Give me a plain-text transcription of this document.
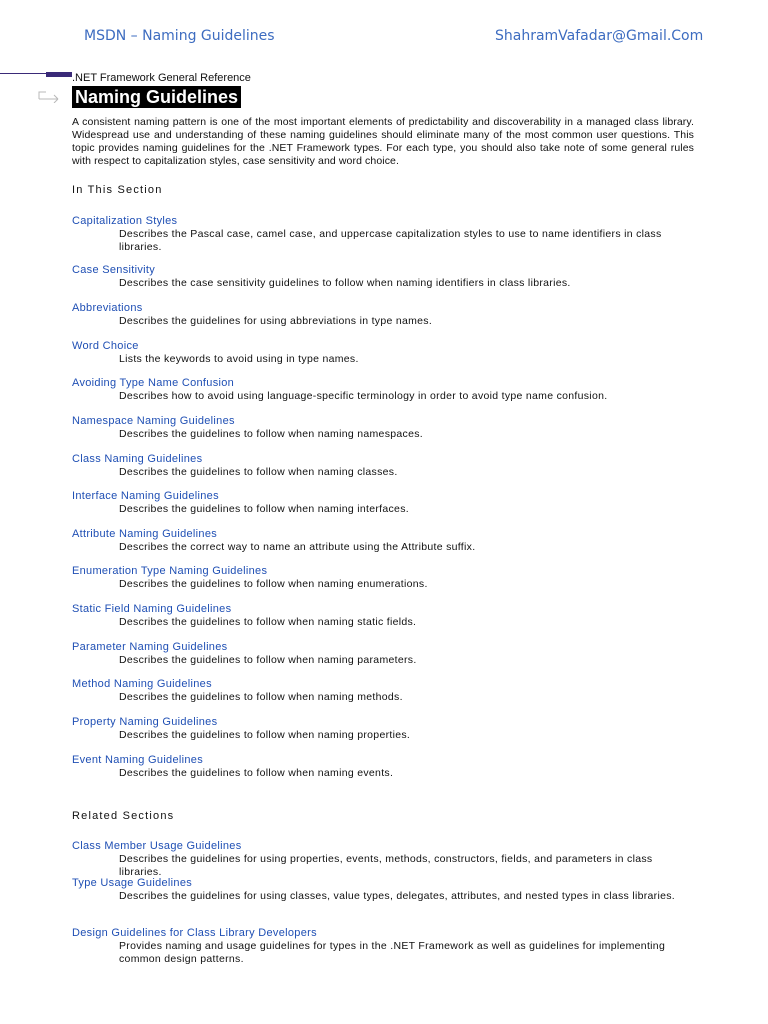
MSDN – Naming Guidelines	ShahramVafadar@Gmail.Com
.NET Framework General Reference
Naming Guidelines
A consistent naming pattern is one of the most important elements of predictability and discoverability in a managed class library. Widespread use and understanding of these naming guidelines should eliminate many of the most common user questions. This topic provides naming guidelines for the .NET Framework types. For each type, you should also take note of some general rules with respect to capitalization styles, case sensitivity and word choice.
In This Section
Capitalization Styles

Describes the Pascal case, camel case, and uppercase capitalization styles to use to name identifiers in class libraries.

Case Sensitivity

Describes the case sensitivity guidelines to follow when naming identifiers in class libraries.

Abbreviations

Describes the guidelines for using abbreviations in type names.

Word Choice

Lists the keywords to avoid using in type names.

Avoiding Type Name Confusion

Describes how to avoid using language-specific terminology in order to avoid type name confusion.

Namespace Naming Guidelines

Describes the guidelines to follow when naming namespaces.

Class Naming Guidelines

Describes the guidelines to follow when naming classes.

Interface Naming Guidelines

Describes the guidelines to follow when naming interfaces.

Attribute Naming Guidelines

Describes the correct way to name an attribute using the Attribute suffix.

Enumeration Type Naming Guidelines

Describes the guidelines to follow when naming enumerations.

Static Field Naming Guidelines

Describes the guidelines to follow when naming static fields.

Parameter Naming Guidelines

Describes the guidelines to follow when naming parameters.

Method Naming Guidelines

Describes the guidelines to follow when naming methods.

Property Naming Guidelines

Describes the guidelines to follow when naming properties.

Event Naming Guidelines

Describes the guidelines to follow when naming events.

Related Sections
Class Member Usage Guidelines

Describes the guidelines for using properties, events, methods, constructors, fields, and parameters in class libraries.

Type Usage Guidelines

Describes the guidelines for using classes, value types, delegates, attributes, and nested types in class libraries.

Design Guidelines for Class Library Developers

Provides naming and usage guidelines for types in the .NET Framework as well as guidelines for implementing common design patterns.
